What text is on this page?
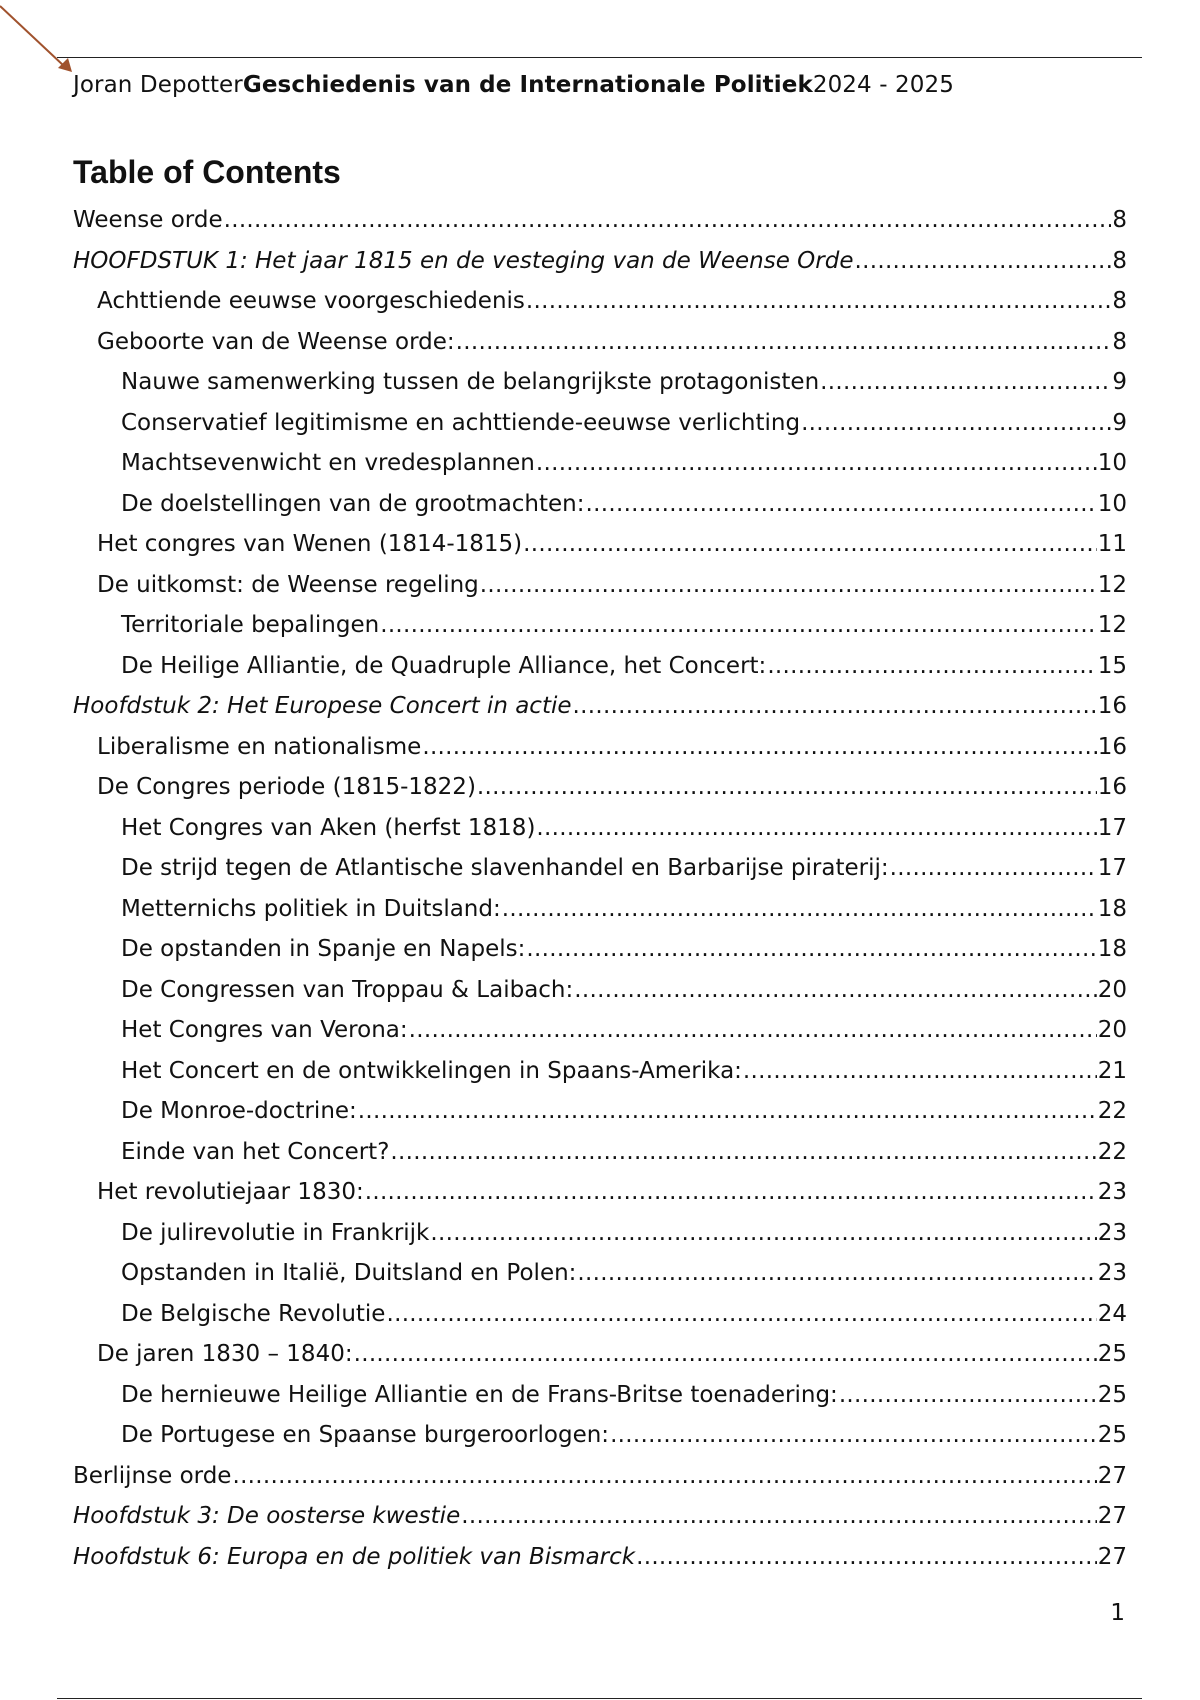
Joran DepotterGeschiedenis van de Internationale Politiek2024 - 2025
Table of Contents
Weense orde .....	8
HOOFDSTUK 1: Het jaar 1815 en de vesteging van de Weense Orde .....	8
Achttiende eeuwse voorgeschiedenis .....	8
Geboorte van de Weense orde: .....	8
Nauwe samenwerking tussen de belangrijkste protagonisten .....	9
Conservatief legitimisme en achttiende-eeuwse verlichting .....	9
Machtsevenwicht en vredesplannen .....	10
De doelstellingen van de grootmachten: .....	10
Het congres van Wenen (1814-1815) .....	11
De uitkomst: de Weense regeling .....	12
Territoriale bepalingen .....	12
De Heilige Alliantie, de Quadruple Alliance, het Concert: .....	15
Hoofdstuk 2: Het Europese Concert in actie .....	16
Liberalisme en nationalisme .....	16
De Congres periode (1815-1822) .....	16
Het Congres van Aken (herfst 1818) .....	17
De strijd tegen de Atlantische slavenhandel en Barbarijse piraterij: .....	17
Metternichs politiek in Duitsland: .....	18
De opstanden in Spanje en Napels: .....	18
De Congressen van Troppau & Laibach: .....	20
Het Congres van Verona: .....	20
Het Concert en de ontwikkelingen in Spaans-Amerika: .....	21
De Monroe-doctrine: .....	22
Einde van het Concert? .....	22
Het revolutiejaar 1830: .....	23
De julirevolutie in Frankrijk .....	23
Opstanden in Italië, Duitsland en Polen: .....	23
De Belgische Revolutie .....	24
De jaren 1830 – 1840: .....	25
De hernieuwe Heilige Alliantie en de Frans-Britse toenadering: .....	25
De Portugese en Spaanse burgeroorlogen: .....	25
Berlijnse orde .....	27
Hoofdstuk 3: De oosterse kwestie .....	27
Hoofdstuk 6: Europa en de politiek van Bismarck .....	27
1
